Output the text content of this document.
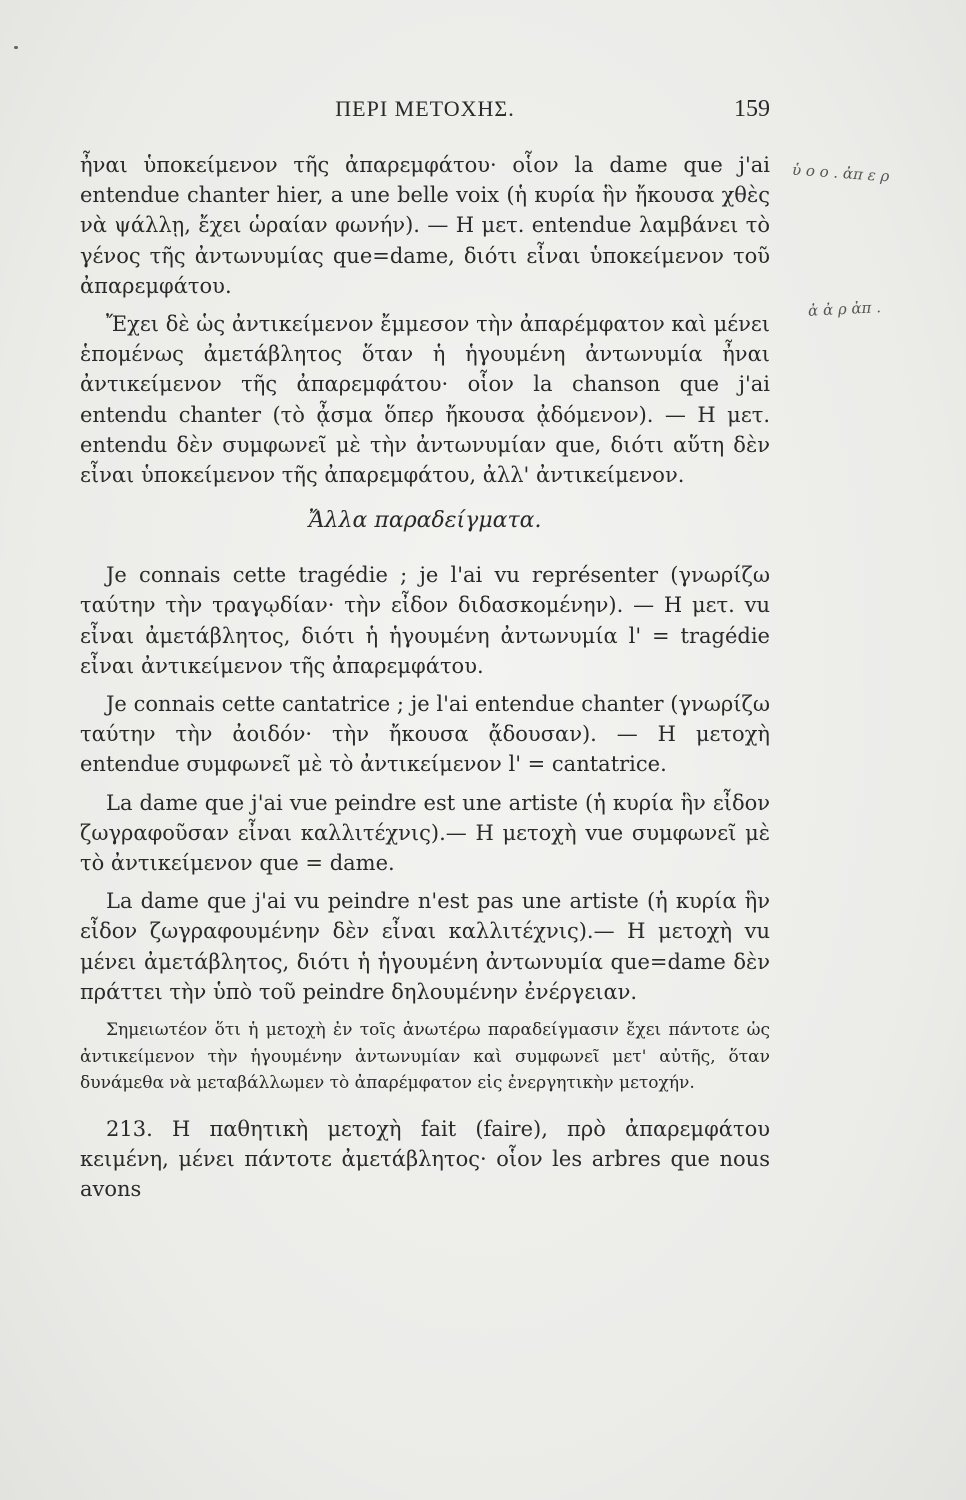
ΠΕΡΙ ΜΕΤΟΧΗΣ.	159
ὑ ο ο . ἀπ ε ρ
ἀ ἀ ρ ἀπ .

ἦναι ὑποκείμενον τῆς ἀπαρεμφάτου· οἷον la dame que j'ai entendue chanter hier, a une belle voix (ἡ κυρία ἣν ἤκουσα χθὲς νὰ ψάλλῃ, ἔχει ὡραίαν φωνήν). — Η μετ. entendue λαμβάνει τὸ γένος τῆς ἀντωνυμίας que=dame, διότι εἶναι ὑποκείμενον τοῦ ἀπαρεμφάτου.

Ἔχει δὲ ὡς ἀντικείμενον ἔμμεσον τὴν ἀπαρέμφατον καὶ μένει ἑπομένως ἀμετάβλητος ὅταν ἡ ἡγουμένη ἀντωνυμία ἦναι ἀντικείμενον τῆς ἀπαρεμφάτου· οἷον la chanson que j'ai entendu chanter (τὸ ᾆσμα ὅπερ ἤκουσα ᾀδόμενον). — Η μετ. entendu δὲν συμφωνεῖ μὲ τὴν ἀντωνυμίαν que, διότι αὕτη δὲν εἶναι ὑποκείμενον τῆς ἀπαρεμφάτου, ἀλλ' ἀντικείμενον.

Ἄλλα παραδείγματα.

Je connais cette tragédie ; je l'ai vu représenter (γνωρίζω ταύτην τὴν τραγῳδίαν· τὴν εἶδον διδασκομένην). — Η μετ. vu εἶναι ἀμετάβλητος, διότι ἡ ἡγουμένη ἀντωνυμία l' = tragédie εἶναι ἀντικείμενον τῆς ἀπαρεμφάτου.

Je connais cette cantatrice ; je l'ai entendue chanter (γνωρίζω ταύτην τὴν ἀοιδόν· τὴν ἤκουσα ᾄδουσαν). — Η μετοχὴ entendue συμφωνεῖ μὲ τὸ ἀντικείμενον l' = cantatrice.

La dame que j'ai vue peindre est une artiste (ἡ κυρία ἣν εἶδον ζωγραφοῦσαν εἶναι καλλιτέχνις).— Η μετοχὴ vue συμφωνεῖ μὲ τὸ ἀντικείμενον que = dame.

La dame que j'ai vu peindre n'est pas une artiste (ἡ κυρία ἣν εἶδον ζωγραφουμένην δὲν εἶναι καλλιτέχνις).— Η μετοχὴ vu μένει ἀμετάβλητος, διότι ἡ ἡγουμένη ἀντωνυμία que=dame δὲν πράττει τὴν ὑπὸ τοῦ peindre δηλουμένην ἐνέργειαν.

Σημειωτέον ὅτι ἡ μετοχὴ ἐν τοῖς ἀνωτέρω παραδείγμασιν ἔχει πάντοτε ὡς ἀντικείμενον τὴν ἡγουμένην ἀντωνυμίαν καὶ συμφωνεῖ μετ' αὐτῆς, ὅταν δυνάμεθα νὰ μεταβάλλωμεν τὸ ἀπαρέμφατον εἰς ἐνεργητικὴν μετοχήν.

213. Η παθητικὴ μετοχὴ fait (faire), πρὸ ἀπαρεμφάτου κειμένη, μένει πάντοτε ἀμετάβλητος· οἷον les arbres que nous avons
